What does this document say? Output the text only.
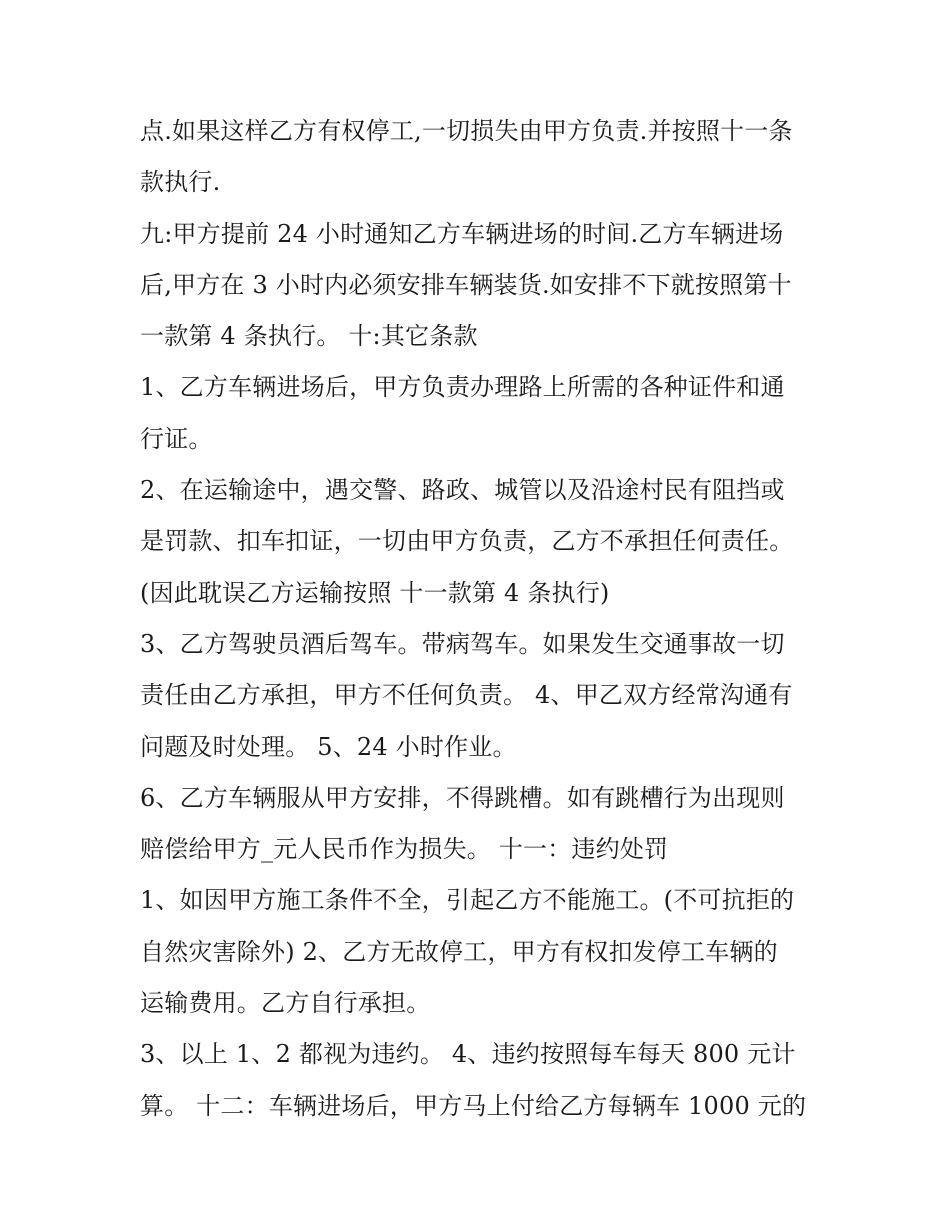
点.如果这样乙方有权停工,一切损失由甲方负责.并按照十一条
款执行.
九:甲方提前 24 小时通知乙方车辆进场的时间.乙方车辆进场
后,甲方在 3 小时内必须安排车辆装货.如安排不下就按照第十
一款第 4 条执行。 十:其它条款
1、乙方车辆进场后，甲方负责办理路上所需的各种证件和通
行证。
2、在运输途中，遇交警、路政、城管以及沿途村民有阻挡或
是罚款、扣车扣证，一切由甲方负责，乙方不承担任何责任。
(因此耽误乙方运输按照 十一款第 4 条执行)
3、乙方驾驶员酒后驾车。带病驾车。如果发生交通事故一切
责任由乙方承担，甲方不任何负责。 4、甲乙双方经常沟通有
问题及时处理。 5、24 小时作业。
6、乙方车辆服从甲方安排，不得跳槽。如有跳槽行为出现则
赔偿给甲方_元人民币作为损失。 十一：违约处罚
1、如因甲方施工条件不全，引起乙方不能施工。(不可抗拒的
自然灾害除外) 2、乙方无故停工，甲方有权扣发停工车辆的
运输费用。乙方自行承担。
3、以上 1、2 都视为违约。 4、违约按照每车每天 800 元计
算。 十二：车辆进场后，甲方马上付给乙方每辆车 1000 元的
